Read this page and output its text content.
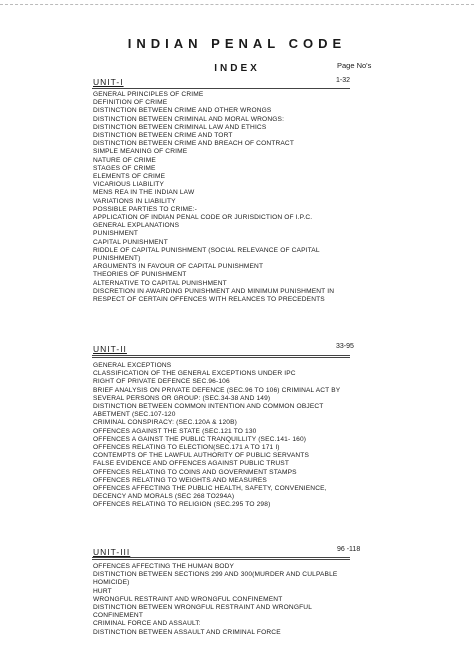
INDIAN PENAL CODE
INDEX	Page No's
UNIT-I	1-32
GENERAL PRINCIPLES OF CRIME
DEFINITION OF CRIME
DISTINCTION BETWEEN CRIME AND OTHER WRONGS
DISTINCTION BETWEEN CRIMINAL AND MORAL WRONGS:
DISTINCTION BETWEEN CRIMINAL LAW AND ETHICS
DISTINCTION BETWEEN CRIME AND TORT
DISTINCTION BETWEEN CRIME AND BREACH OF CONTRACT
SIMPLE MEANING OF CRIME
NATURE OF CRIME
STAGES OF CRIME
ELEMENTS OF CRIME
VICARIOUS LIABILITY
MENS REA IN THE INDIAN LAW
VARIATIONS IN LIABILITY
POSSIBLE PARTIES TO CRIME:-
APPLICATION OF INDIAN PENAL CODE OR JURISDICTION OF I.P.C.
GENERAL EXPLANATIONS
PUNISHMENT
CAPITAL PUNISHMENT
RIDDLE OF CAPITAL PUNISHMENT (SOCIAL RELEVANCE OF CAPITAL PUNISHMENT)
ARGUMENTS IN FAVOUR OF CAPITAL PUNISHMENT
THEORIES OF PUNISHMENT
ALTERNATIVE TO CAPITAL PUNISHMENT
DISCRETION IN AWARDING PUNISHMENT AND MINIMUM PUNISHMENT IN RESPECT OF CERTAIN OFFENCES WITH RELANCES TO PRECEDENTS
UNIT-II	33-95
GENERAL EXCEPTIONS
CLASSIFICATION OF THE GENERAL EXCEPTIONS UNDER IPC
RIGHT OF PRIVATE DEFENCE SEC.96-106
BRIEF ANALYSIS ON PRIVATE DEFENCE (SEC.96 TO 106) CRIMINAL ACT BY SEVERAL PERSONS OR GROUP: (SEC.34-38 AND 149)
DISTINCTION BETWEEN COMMON INTENTION AND COMMON OBJECT
ABETMENT (SEC.107-120
CRIMINAL CONSPIRACY: (SEC.120A & 120B)
OFFENCES AGAINST THE STATE (SEC.121 TO 130
OFFENCES A GAINST THE PUBLIC TRANQUILLITY (SEC.141- 160)
OFFENCES RELATING TO ELECTION(SEC.171 A TO 171 I)
CONTEMPTS OF THE LAWFUL AUTHORITY OF PUBLIC SERVANTS
FALSE EVIDENCE AND OFFENCES AGAINST PUBLIC TRUST
OFFENCES RELATING TO COINS AND GOVERNMENT STAMPS
OFFENCES RELATING TO WEIGHTS AND MEASURES
OFFENCES AFFECTING THE PUBLIC HEALTH, SAFETY, CONVENIENCE, DECENCY AND MORALS (SEC 268 TO294A)
OFFENCES RELATING TO RELIGION (SEC.295 TO 298)
UNIT-III	96 -118
OFFENCES AFFECTING THE HUMAN BODY
DISTINCTION BETWEEN SECTIONS 299 AND 300(MURDER AND CULPABLE HOMICIDE)
HURT
WRONGFUL RESTRAINT AND WRONGFUL CONFINEMENT
DISTINCTION BETWEEN WRONGFUL RESTRAINT AND WRONGFUL CONFINEMENT
CRIMINAL FORCE AND ASSAULT:
DISTINCTION BETWEEN ASSAULT AND CRIMINAL FORCE
